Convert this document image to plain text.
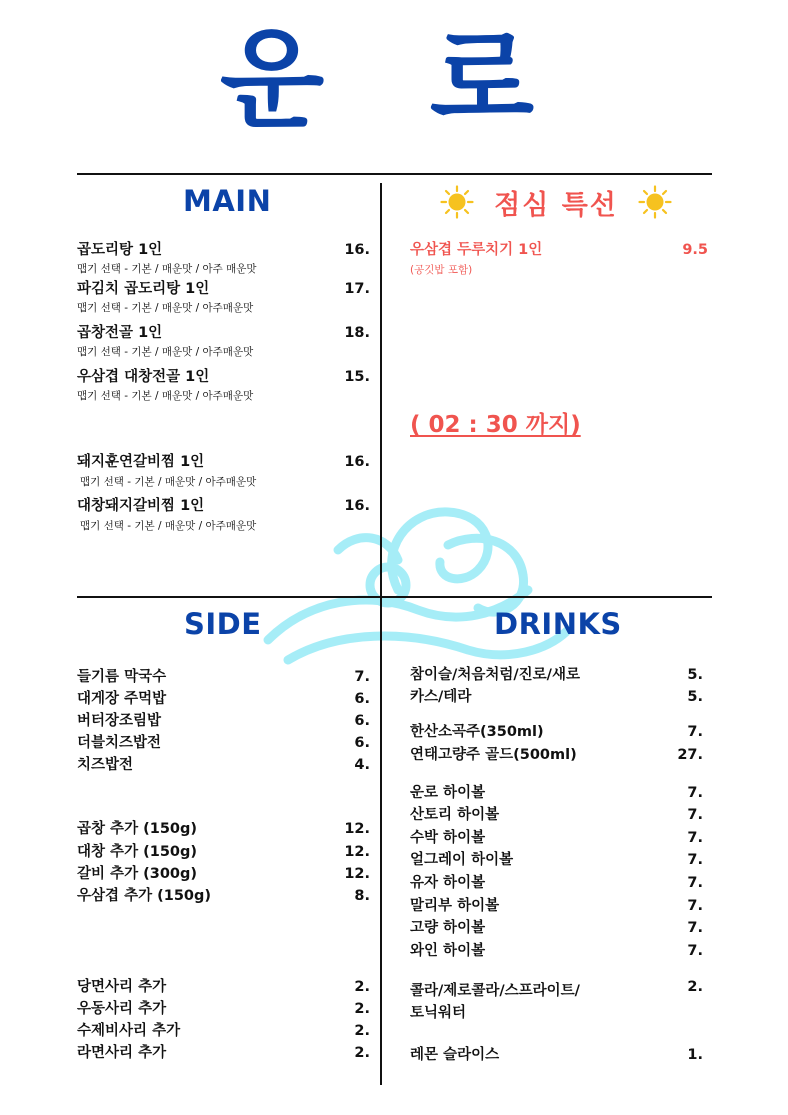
운 로
MAIN
곱도리탕 1인	16.
맵기 선택 - 기본 / 매운맛 / 아주 매운맛
파김치 곱도리탕 1인	17.
맵기 선택 - 기본 / 매운맛 / 아주매운맛
곱창전골 1인	18.
맵기 선택 - 기본 / 매운맛 / 아주매운맛
우삼겹 대창전골 1인	15.
맵기 선택 - 기본 / 매운맛 / 아주매운맛
돼지훈연갈비찜 1인	16.
맵기 선택 - 기본 / 매운맛 / 아주매운맛
대창돼지갈비찜 1인	16.
맵기 선택 - 기본 / 매운맛 / 아주매운맛
점심 특선
우삼겹 두루치기 1인	9.5
(공깃밥 포함)
( 02 : 30 까지)
SIDE
들기름 막국수	7.
대게장 주먹밥	6.
버터장조림밥	6.
더블치즈밥전	6.
치즈밥전	4.
곱창 추가 (150g)	12.
대창 추가 (150g)	12.
갈비 추가 (300g)	12.
우삼겹 추가 (150g)	8.
당면사리 추가	2.
우동사리 추가	2.
수제비사리 추가	2.
라면사리 추가	2.
DRINKS
참이슬/처음처럼/진로/새로	5.
카스/테라	5.
한산소곡주(350ml)	7.
연태고량주 골드(500ml)	27.
운로 하이볼	7.
산토리 하이볼	7.
수박 하이볼	7.
얼그레이 하이볼	7.
유자 하이볼	7.
말리부 하이볼	7.
고량 하이볼	7.
와인 하이볼	7.
콜라/제로콜라/스프라이트/	2.
토닉워터
레몬 슬라이스	1.
